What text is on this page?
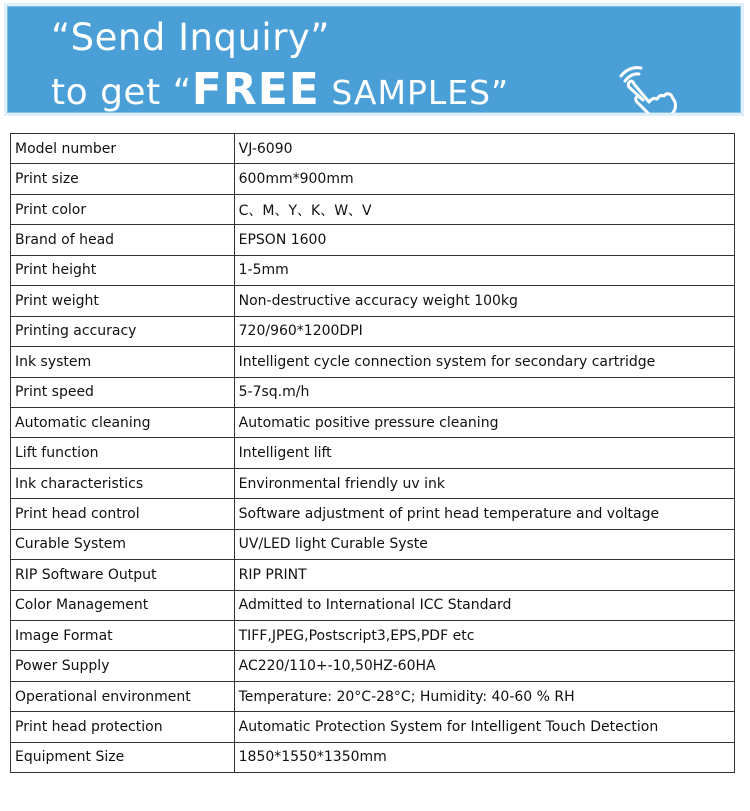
“Send Inquiry”
to get “FREE SAMPLES”
Model number	VJ-6090
Print size	600mm*900mm
Print color	C、M、Y、K、W、V
Brand of head	EPSON 1600
Print height	1-5mm
Print weight	Non-destructive accuracy weight 100kg
Printing accuracy	720/960*1200DPI
Ink system	Intelligent cycle connection system for secondary cartridge
Print speed	5-7sq.m/h
Automatic cleaning	Automatic positive pressure cleaning
Lift function	Intelligent lift
Ink characteristics	Environmental friendly uv ink
Print head control	Software adjustment of print head temperature and voltage
Curable System	UV/LED light Curable Syste
RIP Software Output	RIP PRINT
Color Management	Admitted to International ICC Standard
Image Format	TIFF,JPEG,Postscript3,EPS,PDF etc
Power Supply	AC220/110+-10,50HZ-60HA
Operational environment	Temperature: 20°C-28°C; Humidity: 40-60 % RH
Print head protection	Automatic Protection System for Intelligent Touch Detection
Equipment Size	1850*1550*1350mm
